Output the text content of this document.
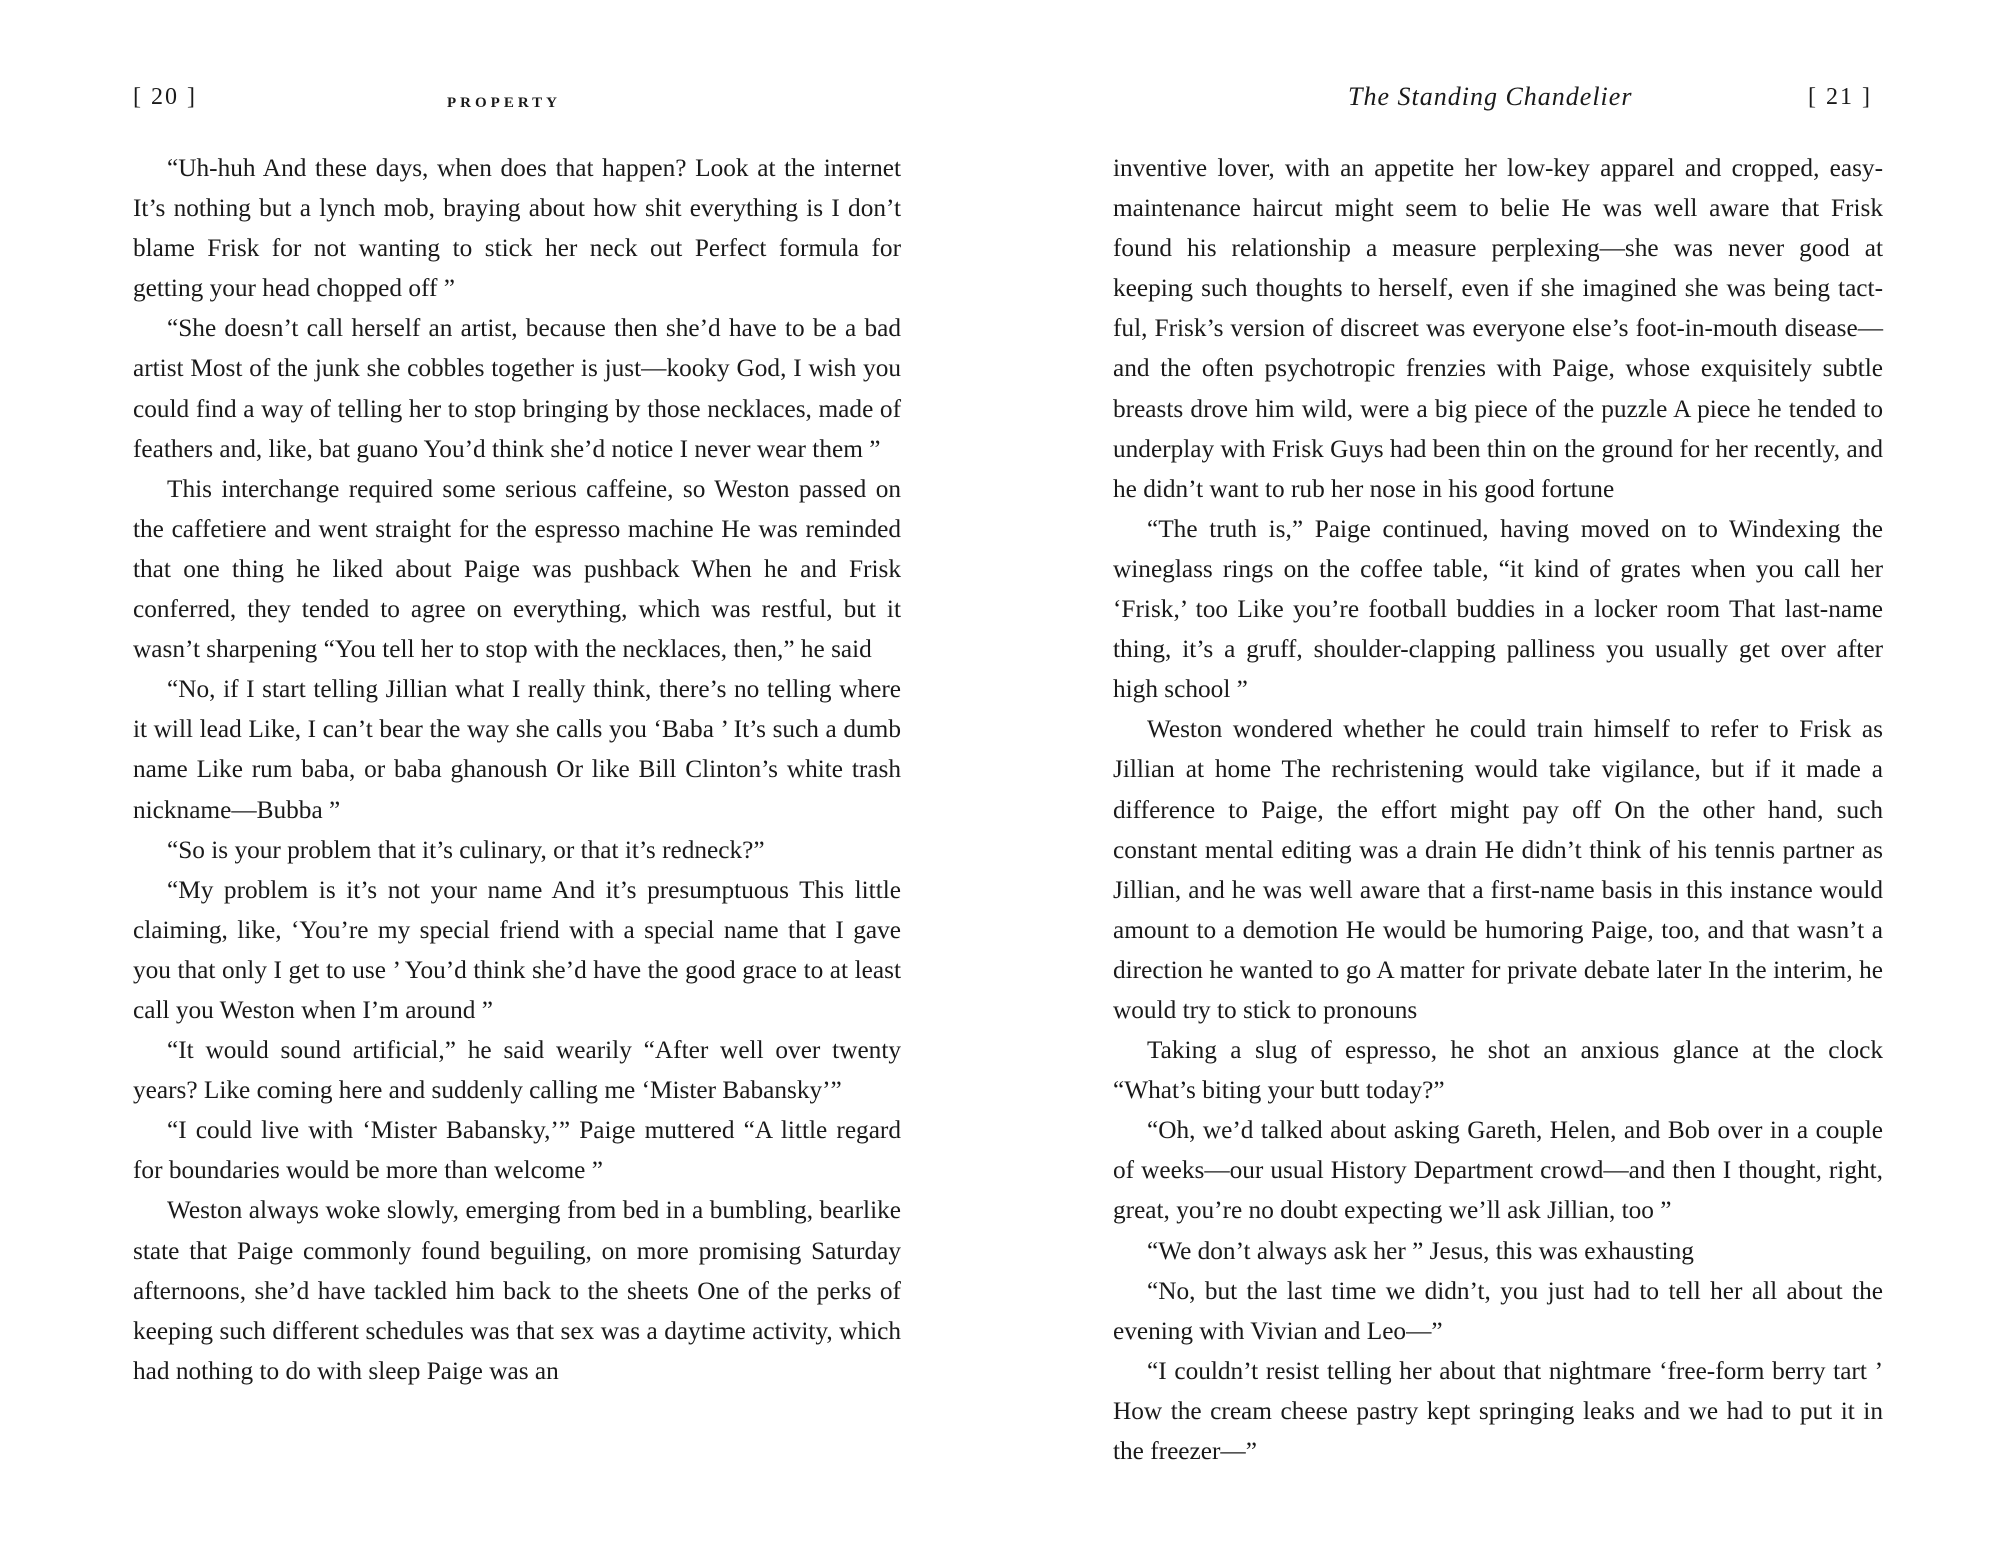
[ 20 ]	PROPERTY

“Uh-huh And these days, when does that happen? Look at the internet It’s nothing but a lynch mob, braying about how shit everything is I don’t blame Frisk for not wanting to stick her neck out Perfect formula for getting your head chopped off ”

“She doesn’t call herself an artist, because then she’d have to be a bad artist Most of the junk she cobbles together is just—kooky God, I wish you could find a way of telling her to stop bringing by those necklaces, made of feathers and, like, bat guano You’d think she’d notice I never wear them ”

This interchange required some serious caffeine, so Weston passed on the caffetiere and went straight for the espresso machine He was reminded that one thing he liked about Paige was pushback When he and Frisk conferred, they tended to agree on everything, which was restful, but it wasn’t sharpening “You tell her to stop with the necklaces, then,” he said

“No, if I start telling Jillian what I really think, there’s no telling where it will lead Like, I can’t bear the way she calls you ‘Baba ’ It’s such a dumb name Like rum baba, or baba ghanoush Or like Bill Clinton’s white trash nickname—Bubba ”

“So is your problem that it’s culinary, or that it’s redneck?”

“My problem is it’s not your name And it’s presumptuous This little claiming, like, ‘You’re my special friend with a special name that I gave you that only I get to use ’ You’d think she’d have the good grace to at least call you Weston when I’m around ”

“It would sound artificial,” he said wearily “After well over twenty years? Like coming here and suddenly calling me ‘Mister Babansky’”

“I could live with ‘Mister Babansky,’” Paige muttered “A little regard for boundaries would be more than welcome ”

Weston always woke slowly, emerging from bed in a bumbling, bearlike state that Paige commonly found beguiling, on more promising Saturday afternoons, she’d have tackled him back to the sheets One of the perks of keeping such different schedules was that sex was a daytime activity, which had nothing to do with sleep Paige was an

The Standing Chandelier	[ 21 ]

inventive lover, with an appetite her low-key apparel and cropped, easy-maintenance haircut might seem to belie He was well aware that Frisk found his relationship a measure perplexing—she was never good at keeping such thoughts to herself, even if she imagined she was being tactful, Frisk’s version of discreet was everyone else’s foot-in-mouth disease—and the often psychotropic frenzies with Paige, whose exquisitely subtle breasts drove him wild, were a big piece of the puzzle A piece he tended to underplay with Frisk Guys had been thin on the ground for her recently, and he didn’t want to rub her nose in his good fortune

“The truth is,” Paige continued, having moved on to Windexing the wineglass rings on the coffee table, “it kind of grates when you call her ‘Frisk,’ too Like you’re football buddies in a locker room That last-name thing, it’s a gruff, shoulder-clapping palliness you usually get over after high school ”

Weston wondered whether he could train himself to refer to Frisk as Jillian at home The rechristening would take vigilance, but if it made a difference to Paige, the effort might pay off On the other hand, such constant mental editing was a drain He didn’t think of his tennis partner as Jillian, and he was well aware that a first-name basis in this instance would amount to a demotion He would be humoring Paige, too, and that wasn’t a direction he wanted to go A matter for private debate later In the interim, he would try to stick to pronouns

Taking a slug of espresso, he shot an anxious glance at the clock “What’s biting your butt today?”

“Oh, we’d talked about asking Gareth, Helen, and Bob over in a couple of weeks—our usual History Department crowd—and then I thought, right, great, you’re no doubt expecting we’ll ask Jillian, too ”

“We don’t always ask her ” Jesus, this was exhausting

“No, but the last time we didn’t, you just had to tell her all about the evening with Vivian and Leo—”

“I couldn’t resist telling her about that nightmare ‘free-form berry tart ’ How the cream cheese pastry kept springing leaks and we had to put it in the freezer—”
